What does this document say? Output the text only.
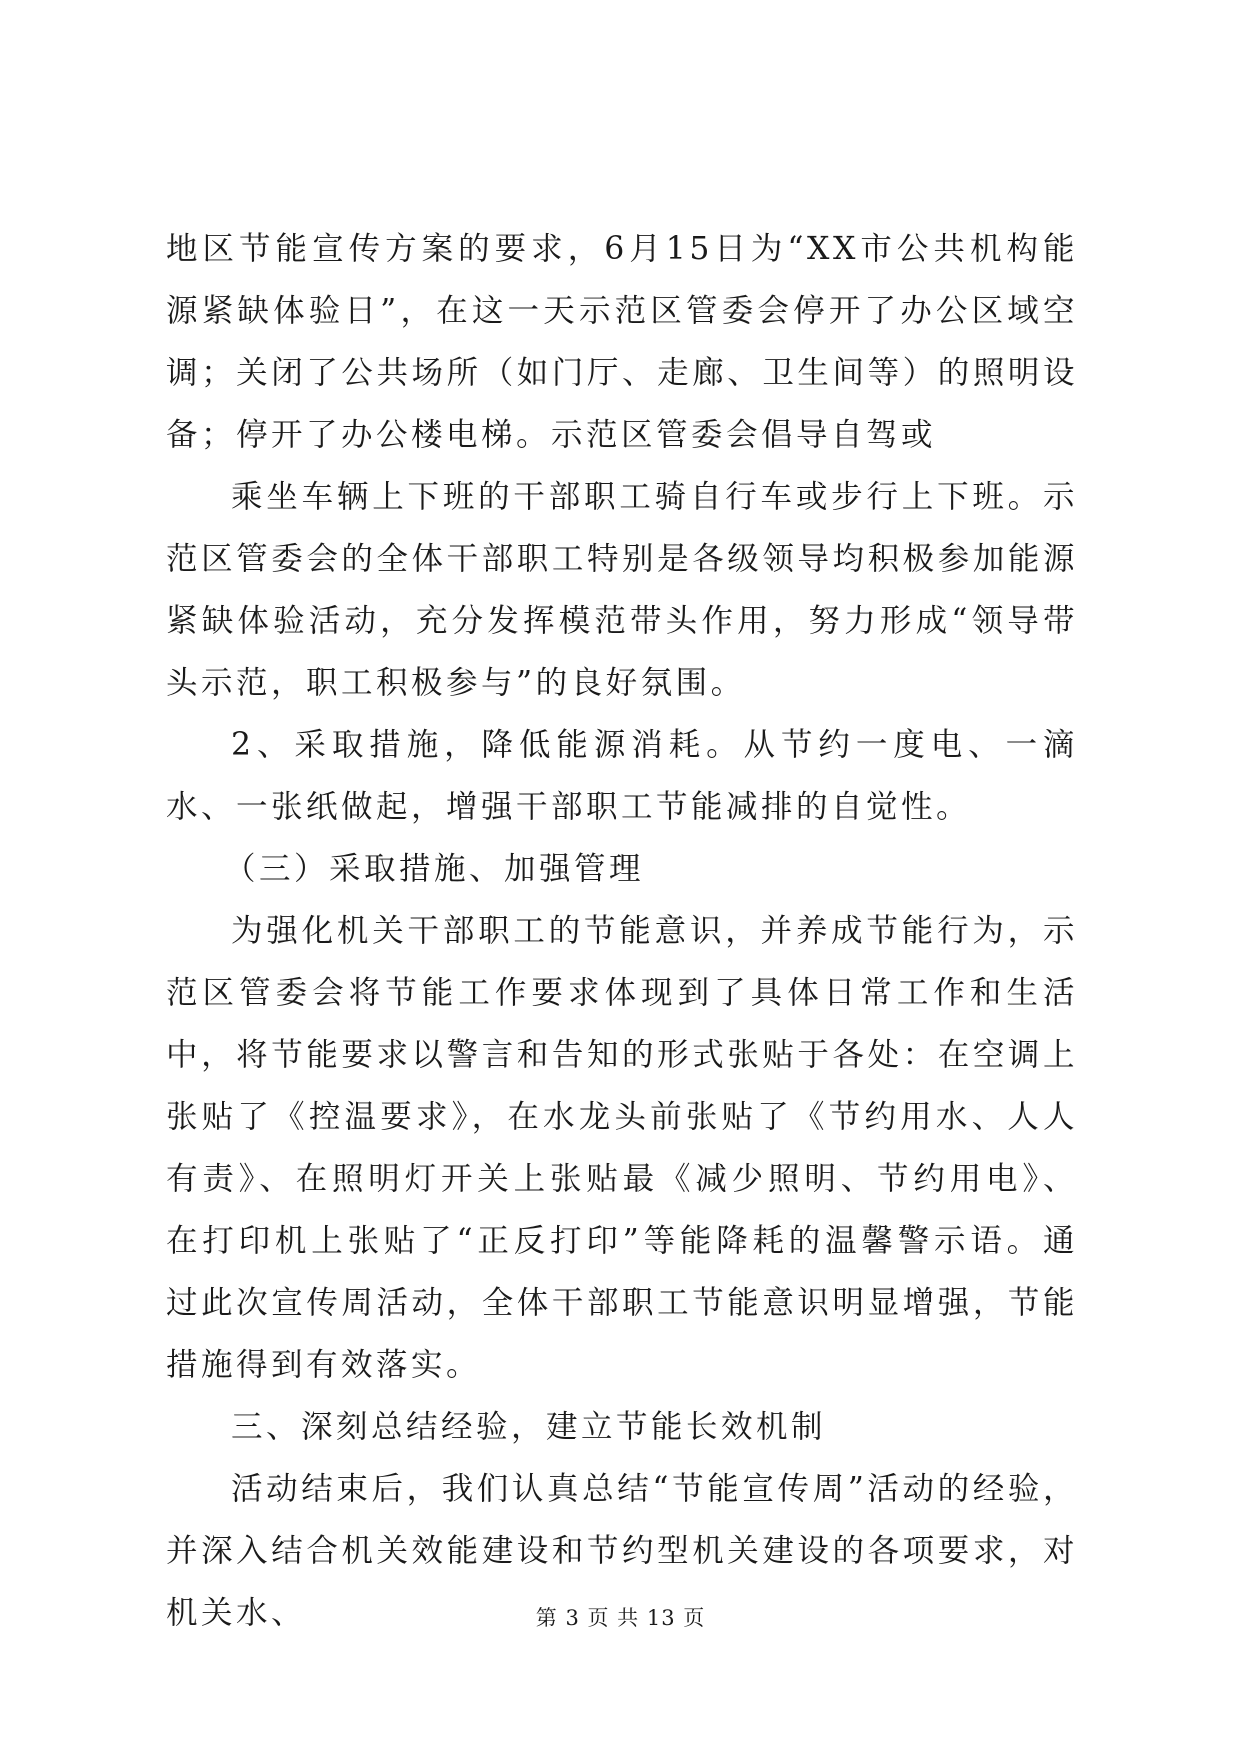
地区节能宣传方案的要求，6月15日为“XX市公共机构能源紧缺体验日”，在这一天示范区管委会停开了办公区域空调；关闭了公共场所（如门厅、走廊、卫生间等）的照明设备；停开了办公楼电梯。示范区管委会倡导自驾或

乘坐车辆上下班的干部职工骑自行车或步行上下班。示范区管委会的全体干部职工特别是各级领导均积极参加能源紧缺体验活动，充分发挥模范带头作用，努力形成“领导带头示范，职工积极参与”的良好氛围。

2、采取措施，降低能源消耗。从节约一度电、一滴水、一张纸做起，增强干部职工节能减排的自觉性。

（三）采取措施、加强管理

为强化机关干部职工的节能意识，并养成节能行为，示范区管委会将节能工作要求体现到了具体日常工作和生活中，将节能要求以警言和告知的形式张贴于各处：在空调上张贴了《控温要求》，在水龙头前张贴了《节约用水、人人有责》、在照明灯开关上张贴最《减少照明、节约用电》、在打印机上张贴了“正反打印”等能降耗的温馨警示语。通过此次宣传周活动，全体干部职工节能意识明显增强，节能措施得到有效落实。

三、深刻总结经验，建立节能长效机制

活动结束后，我们认真总结“节能宣传周”活动的经验，并深入结合机关效能建设和节约型机关建设的各项要求，对机关水、	第 3 页 共 13 页
